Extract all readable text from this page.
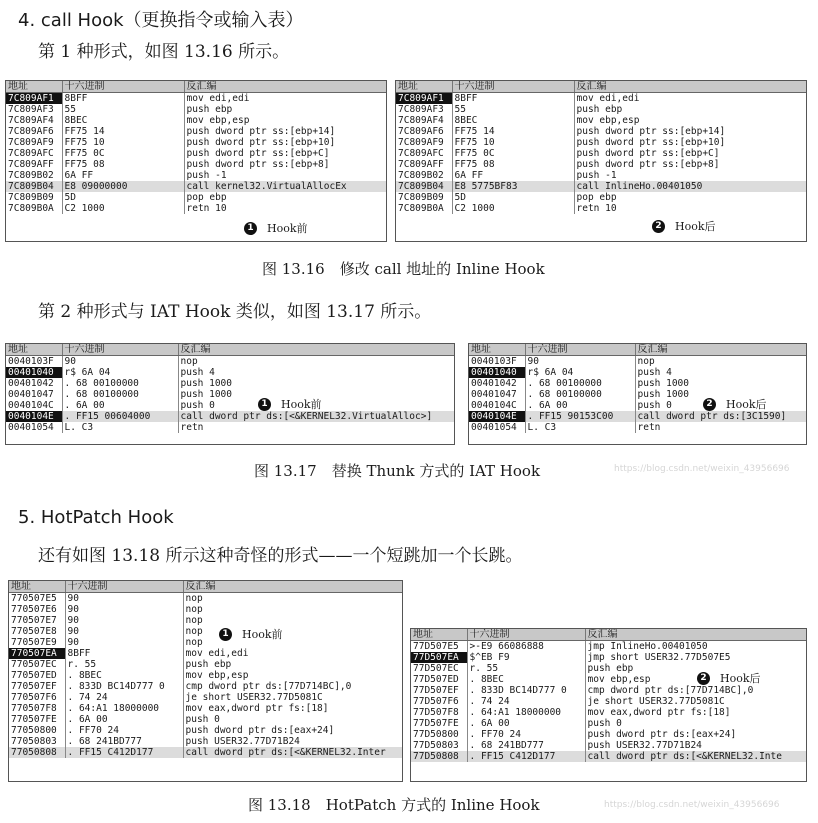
4. call Hook（更换指令或输入表）
第 1 种形式，如图 13.16 所示。
地址	十六进制	反汇编
7C809AF1	8BFF	mov edi,edi
7C809AF3	55	push ebp
7C809AF4	8BEC	mov ebp,esp
7C809AF6	FF75 14	push dword ptr ss:[ebp+14]
7C809AF9	FF75 10	push dword ptr ss:[ebp+10]
7C809AFC	FF75 0C	push dword ptr ss:[ebp+C]
7C809AFF	FF75 08	push dword ptr ss:[ebp+8]
7C809B02	6A FF	push -1
7C809B04	E8 09000000	call kernel32.VirtualAllocEx
7C809B09	5D	pop ebp
7C809B0A	C2 1000	retn 10
1	Hook前
地址	十六进制	反汇编
7C809AF1	8BFF	mov edi,edi
7C809AF3	55	push ebp
7C809AF4	8BEC	mov ebp,esp
7C809AF6	FF75 14	push dword ptr ss:[ebp+14]
7C809AF9	FF75 10	push dword ptr ss:[ebp+10]
7C809AFC	FF75 0C	push dword ptr ss:[ebp+C]
7C809AFF	FF75 08	push dword ptr ss:[ebp+8]
7C809B02	6A FF	push -1
7C809B04	E8 5775BF83	call InlineHo.00401050
7C809B09	5D	pop ebp
7C809B0A	C2 1000	retn 10
2	Hook后
图 13.16　修改 call 地址的 Inline Hook
第 2 种形式与 IAT Hook 类似，如图 13.17 所示。
地址	十六进制	反汇编
0040103F	90	nop
00401040	r$ 6A 04	push 4
00401042	. 68 00100000	push 1000
00401047	. 68 00100000	push 1000
0040104C	. 6A 00	push 0
0040104E	. FF15 00604000	call dword ptr ds:[<&KERNEL32.VirtualAlloc>]
00401054	L. C3	retn
1	Hook前
地址	十六进制	反汇编
0040103F	90	nop
00401040	r$ 6A 04	push 4
00401042	. 68 00100000	push 1000
00401047	. 68 00100000	push 1000
0040104C	. 6A 00	push 0
0040104E	. FF15 90153C00	call dword ptr ds:[3C1590]
00401054	L. C3	retn
2	Hook后
图 13.17　替换 Thunk 方式的 IAT Hook	https://blog.csdn.net/weixin_43956696
5. HotPatch Hook
还有如图 13.18 所示这种奇怪的形式——一个短跳加一个长跳。
地址	十六进制	反汇编
770507E5	90	nop
770507E6	90	nop
770507E7	90	nop
770507E8	90	nop
770507E9	90	nop
770507EA	8BFF	mov edi,edi
770507EC	r. 55	push ebp
770507ED	. 8BEC	mov ebp,esp
770507EF	. 833D BC14D777 0	cmp dword ptr ds:[77D714BC],0
770507F6	. 74 24	je short USER32.77D5081C
770507F8	. 64:A1 18000000	mov eax,dword ptr fs:[18]
770507FE	. 6A 00	push 0
77050800	. FF70 24	push dword ptr ds:[eax+24]
77050803	. 68 241BD777	push USER32.77D71B24
77050808	. FF15 C412D177	call dword ptr ds:[<&KERNEL32.Inter
1	Hook前	地址	十六进制	反汇编
77D507E5	>-E9 66086888	jmp InlineHo.00401050
77D507EA	$^EB F9	jmp short USER32.77D507E5
77D507EC	r. 55	push ebp
77D507ED	. 8BEC	mov ebp,esp
77D507EF	. 833D BC14D777 0	cmp dword ptr ds:[77D714BC],0
77D507F6	. 74 24	je short USER32.77D5081C
77D507F8	. 64:A1 18000000	mov eax,dword ptr fs:[18]
77D507FE	. 6A 00	push 0
77D50800	. FF70 24	push dword ptr ds:[eax+24]
77D50803	. 68 241BD777	push USER32.77D71B24
77D50808	. FF15 C412D177	call dword ptr ds:[<&KERNEL32.Inte
2	Hook后
图 13.18　HotPatch 方式的 Inline Hook	https://blog.csdn.net/weixin_43956696
